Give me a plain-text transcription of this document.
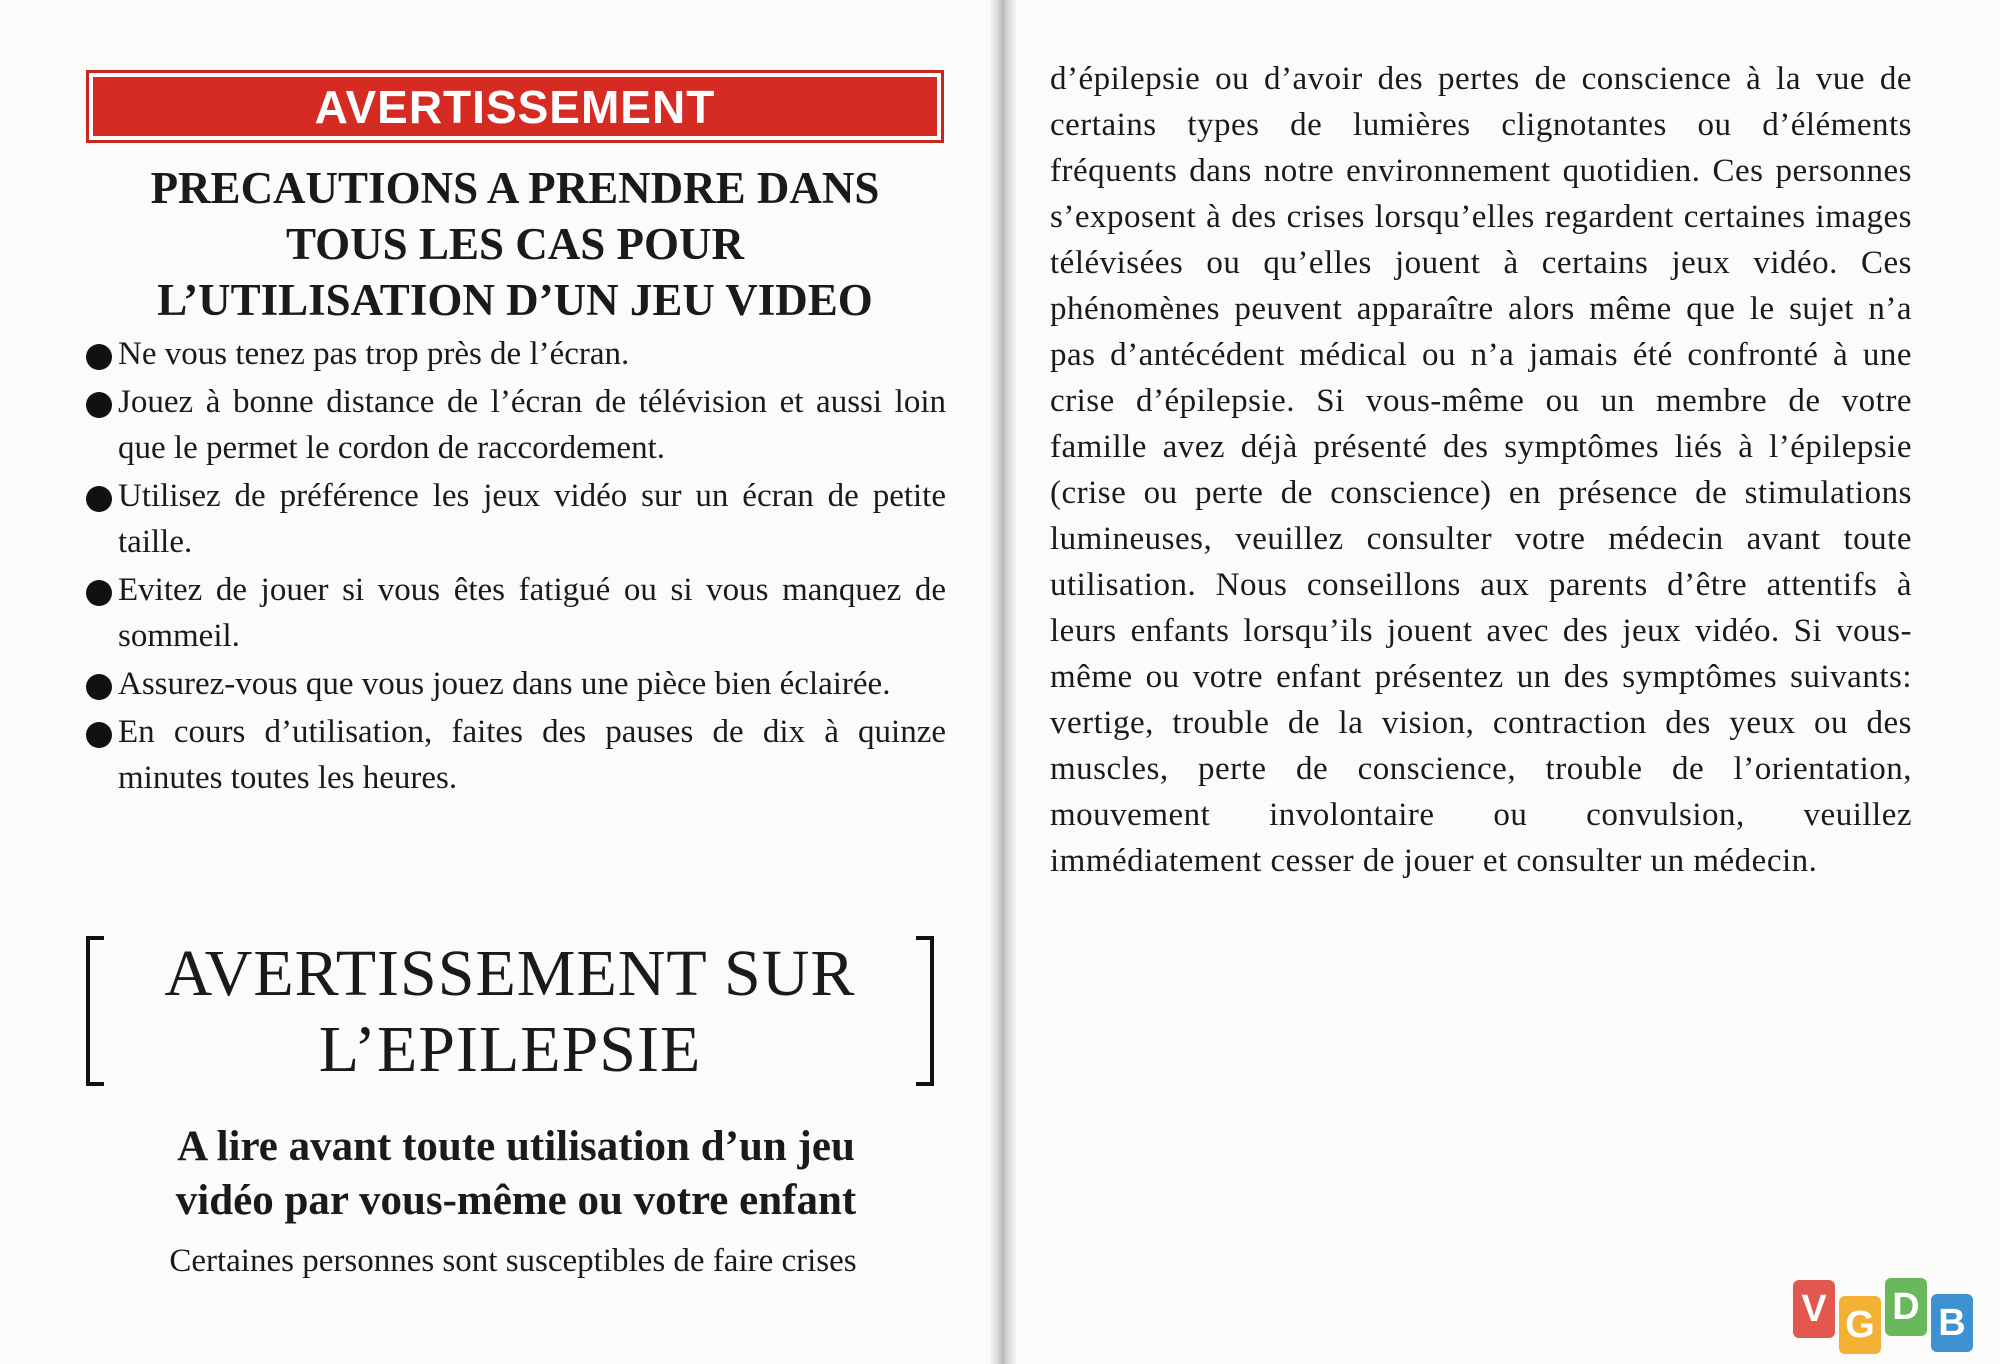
AVERTISSEMENT
PRECAUTIONS A PRENDRE DANS
TOUS LES CAS POUR
L’UTILISATION D’UN JEU VIDEO
Ne vous tenez pas trop près de l’écran.
Jouez à bonne distance de l’écran de télévision et aussi loin que le permet le cordon de raccordement.
Utilisez de préférence les jeux vidéo sur un écran de petite taille.
Evitez de jouer si vous êtes fatigué ou si vous manquez de sommeil.
Assurez-vous que vous jouez dans une pièce bien éclairée.
En cours d’utilisation, faites des pauses de dix à quinze minutes toutes les heures.
AVERTISSEMENT SUR
L’EPILEPSIE
A lire avant toute utilisation d’un jeu
vidéo par vous-même ou votre enfant
Certaines personnes sont susceptibles de faire crises

d’épilepsie ou d’avoir des pertes de conscience à la vue de certains types de lumières clignotantes ou d’éléments fréquents dans notre environnement quotidien. Ces personnes s’exposent à des crises lorsqu’elles regardent certaines images télévisées ou qu’elles jouent à certains jeux vidéo. Ces phénomènes peuvent apparaître alors même que le sujet n’a pas d’antécédent médical ou n’a jamais été confronté à une crise d’épilepsie. Si vous-même ou un membre de votre famille avez déjà présenté des symptômes liés à l’épilepsie (crise ou perte de conscience) en présence de stimulations lumineuses, veuillez consulter votre médecin avant toute utilisation. Nous conseillons aux parents d’être attentifs à leurs enfants lorsqu’ils jouent avec des jeux vidéo. Si vous-même ou votre enfant présentez un des symptômes suivants: vertige, trouble de la vision, contraction des yeux ou des muscles, perte de conscience, trouble de l’orientation, mouvement involontaire ou convulsion, veuillez immédiatement cesser de jouer et consulter un médecin.

V G D B
